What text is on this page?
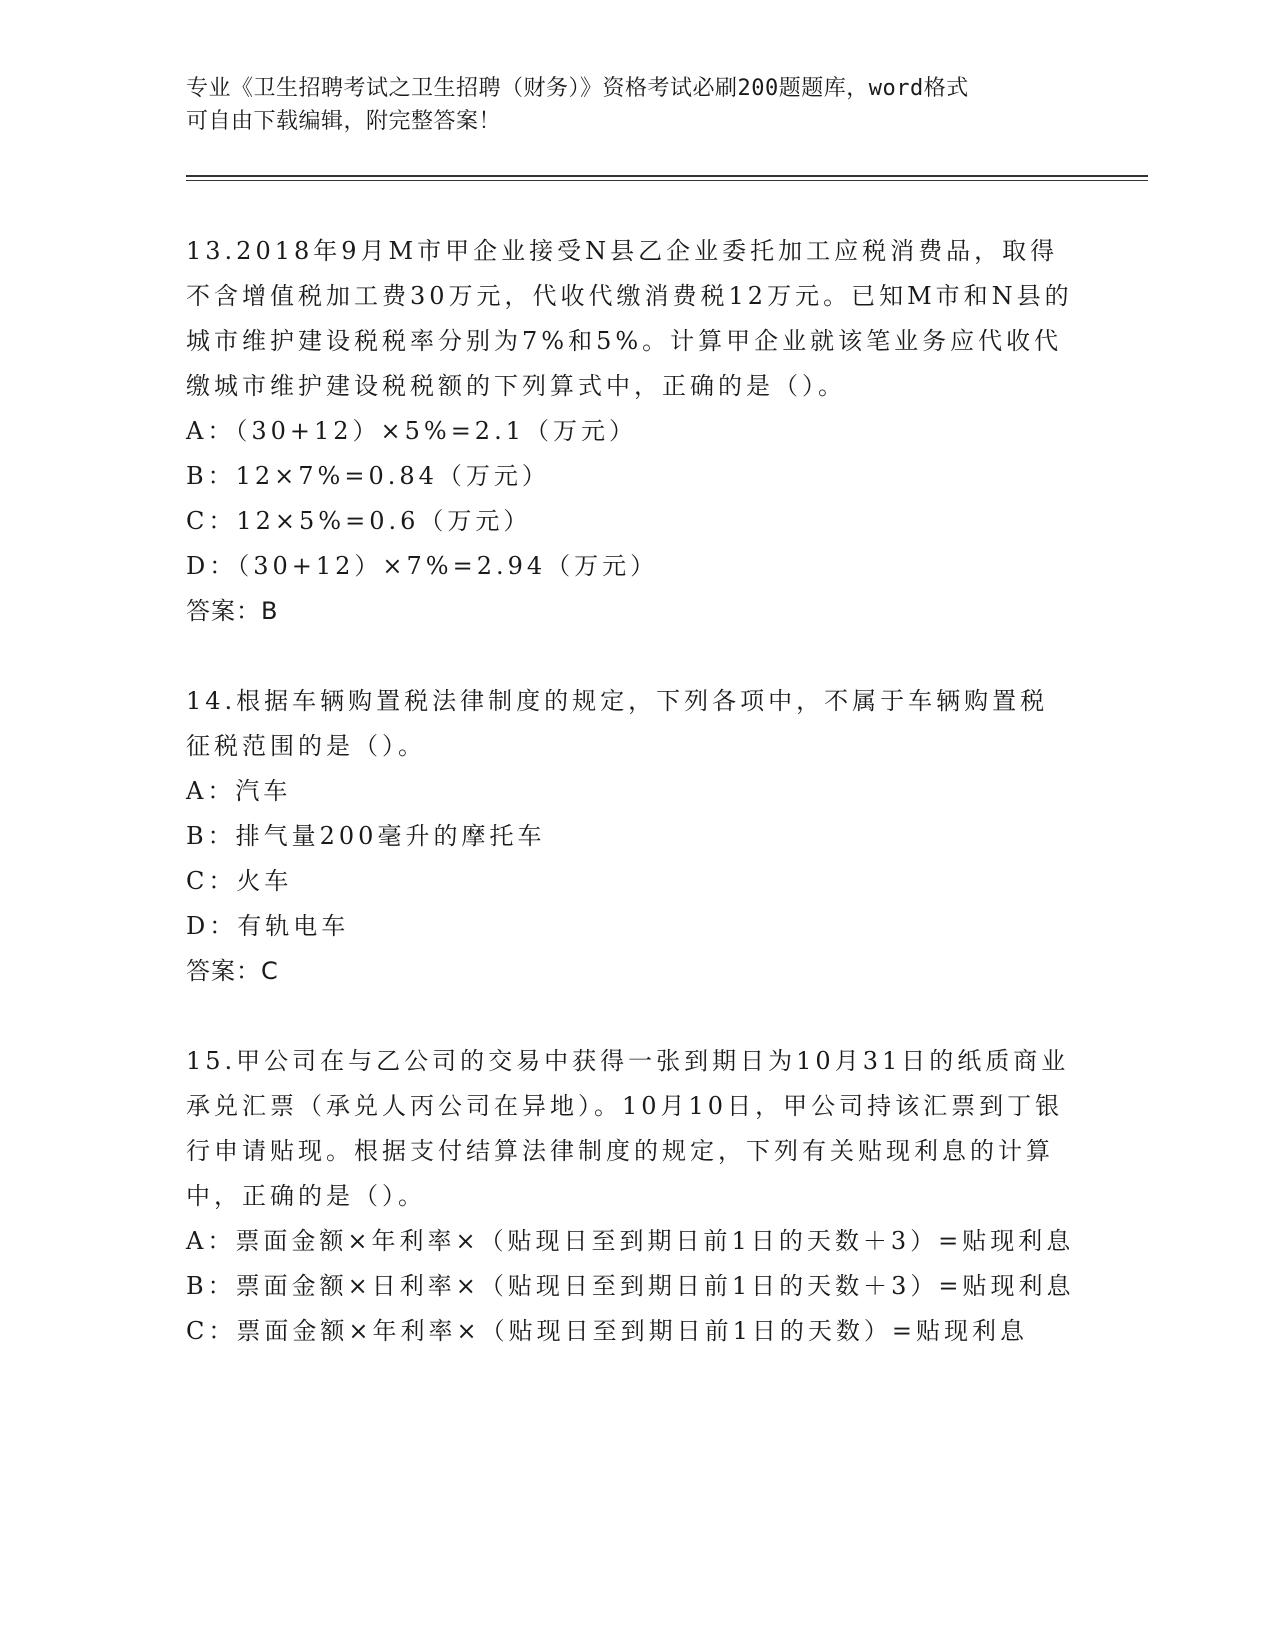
专业《卫生招聘考试之卫生招聘（财务）》资格考试必刷200题题库，word格式
可自由下载编辑，附完整答案！

13.2018年9月M市甲企业接受N县乙企业委托加工应税消费品，取得不含增值税加工费30万元，代收代缴消费税12万元。已知M市和N县的城市维护建设税税率分别为7%和5%。计算甲企业就该笔业务应代收代缴城市维护建设税税额的下列算式中，正确的是（）。

A：（30+12）×5%=2.1（万元）

B：12×7%=0.84（万元）

C：12×5%=0.6（万元）

D：（30+12）×7%=2.94（万元）

答案：B

14.根据车辆购置税法律制度的规定，下列各项中，不属于车辆购置税征税范围的是（）。

A：汽车

B：排气量200毫升的摩托车

C：火车

D：有轨电车

答案：C

15.甲公司在与乙公司的交易中获得一张到期日为10月31日的纸质商业承兑汇票（承兑人丙公司在异地）。10月10日，甲公司持该汇票到丁银行申请贴现。根据支付结算法律制度的规定，下列有关贴现利息的计算中，正确的是（）。

A：票面金额×年利率×（贴现日至到期日前1日的天数＋3）=贴现利息

B：票面金额×日利率×（贴现日至到期日前1日的天数＋3）=贴现利息

C：票面金额×年利率×（贴现日至到期日前1日的天数）=贴现利息
